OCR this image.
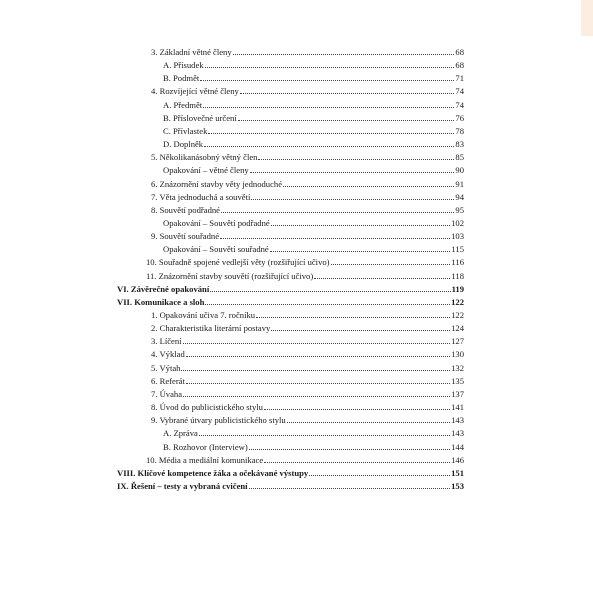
3. Základní větné členy	68
A. Přísudek	68
B. Podmět	71
4. Rozvíjející větné členy	74
A. Předmět	74
B. Příslovečné určení	76
C. Přívlastek	78
D. Doplněk	83
5. Několikanásobný větný člen	85
Opakování – větné členy	90
6. Znázornění stavby věty jednoduché	91
7. Věta jednoduchá a souvětí	94
8. Souvětí podřadné	95
Opakování – Souvětí podřadné	102
9. Souvětí souřadné	103
Opakování – Souvětí souřadné	115
10. Souřadně spojené vedlejší věty (rozšiřující učivo)	116
11. Znázornění stavby souvětí (rozšiřující učivo)	118
VI. Závěrečné opakování	119
VII. Komunikace a sloh	122
1. Opakování učiva 7. ročníku	122
2. Charakteristika literární postavy	124
3. Líčení	127
4. Výklad	130
5. Výtah	132
6. Referát	135
7. Úvaha	137
8. Úvod do publicistického stylu	141
9. Vybrané útvary publicistického stylu	143
A. Zpráva	143
B. Rozhovor (Interview)	144
10. Média a mediální komunikace	146
VIII. Klíčové kompetence žáka a očekávané výstupy	151
IX. Řešení – testy a vybraná cvičení	153
